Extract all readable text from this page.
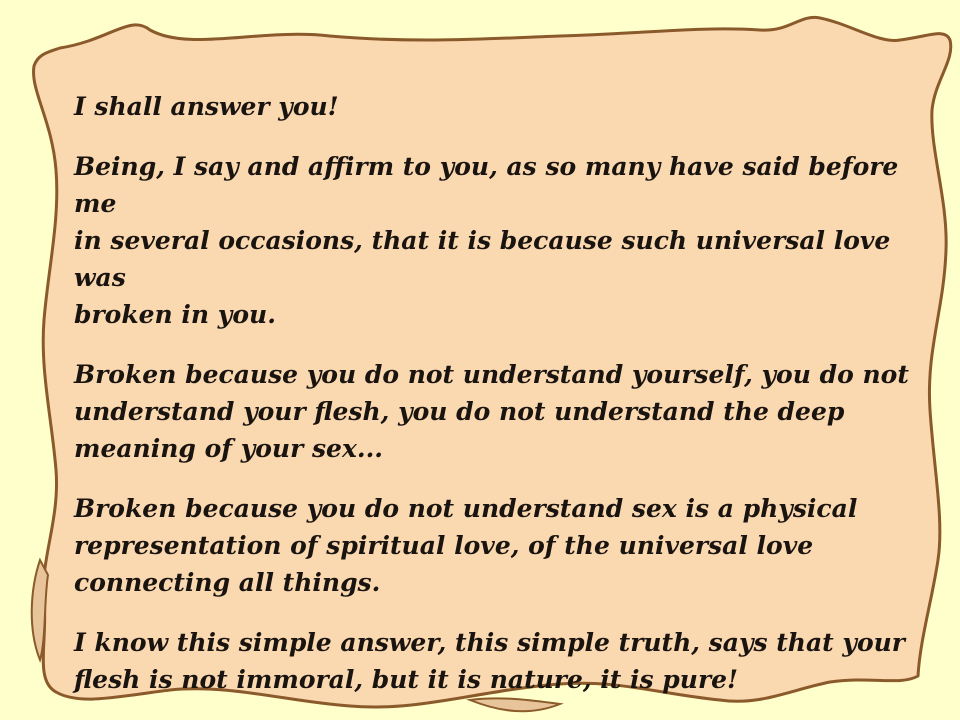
I shall answer you!

Being, I say and affirm to you, as so many have said before me
in several occasions, that it is because such universal love was
broken in you.

Broken because you do not understand yourself, you do not
understand your flesh, you do not understand the deep
meaning of your sex...

Broken because you do not understand sex is a physical
representation of spiritual love, of the universal love
connecting all things.

I know this simple answer, this simple truth, says that your
flesh is not immoral, but it is nature, it is pure!
